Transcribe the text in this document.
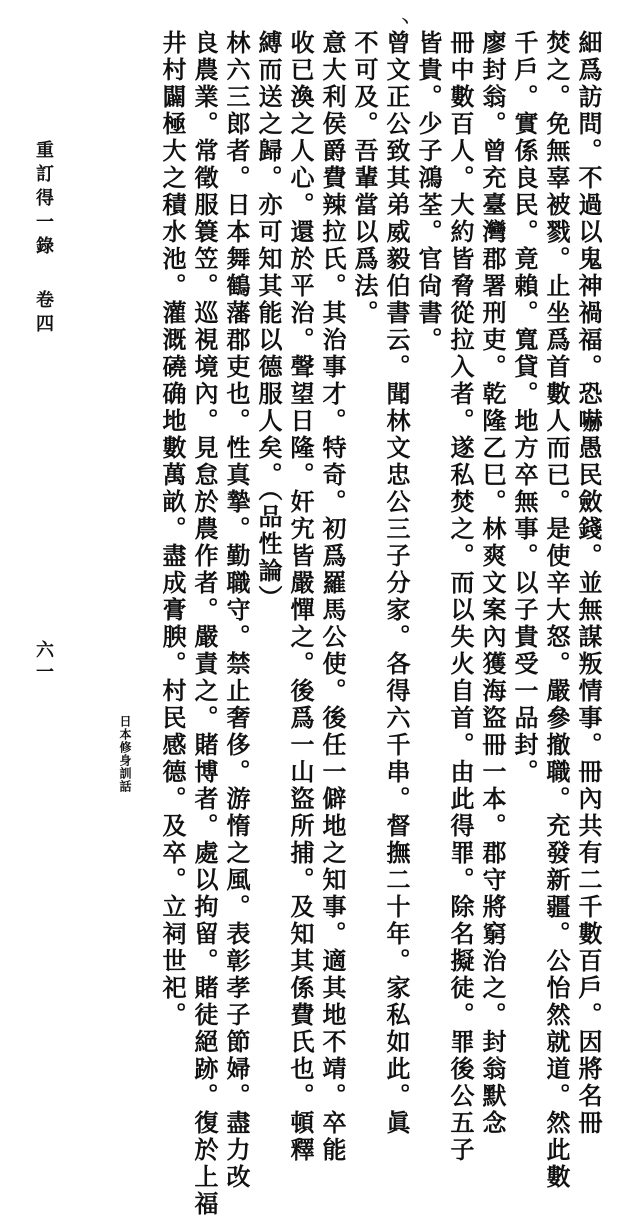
丶
細爲訪問。不過以鬼神禍福。恐嚇愚民斂錢。並無謀叛情事。冊內共有二千數百戶。因將名冊
焚之。免無辜被戮。止坐爲首數人而已。是使辛大怒。嚴參撤職。充發新疆。公怡然就道。然此數
千戶。實係良民。竟賴。寬貸。地方卒無事。以子貴受一品封。
廖封翁。曾充臺灣郡署刑吏。乾隆乙巳。林爽文案內獲海盜冊一本。郡守將窮治之。封翁默念
冊中數百人。大約皆脅從拉入者。遂私焚之。而以失火自首。由此得罪。除名擬徒。罪後公五子
皆貴。少子鴻荃。官尙書。
曾文正公致其弟威毅伯書云。聞林文忠公三子分家。各得六千串。督撫二十年。家私如此。眞
不可及。吾輩當以爲法。
意大利侯爵費辣拉氏。其治事才。特奇。初爲羅馬公使。後任一僻地之知事。適其地不靖。卒能
收已渙之人心。還於平治。聲望日隆。奸宄皆嚴憚之。後爲一山盜所捕。及知其係費氏也。頓釋
縛而送之歸。亦可知其能以德服人矣。（品性論）
林六三郎者。日本舞鶴藩郡吏也。性真摯。勤職守。禁止奢侈。游惰之風。表彰孝子節婦。盡力改
良農業。常徵服簑笠。巡視境內。見怠於農作者。嚴責之。賭博者。處以拘留。賭徒絕跡。復於上福
井村闢極大之積水池。灌溉磽确地數萬畝。盡成膏腴。村民感德。及卒。立祠世祀。
重訂得一錄
卷四
六一
日本修身訓話
